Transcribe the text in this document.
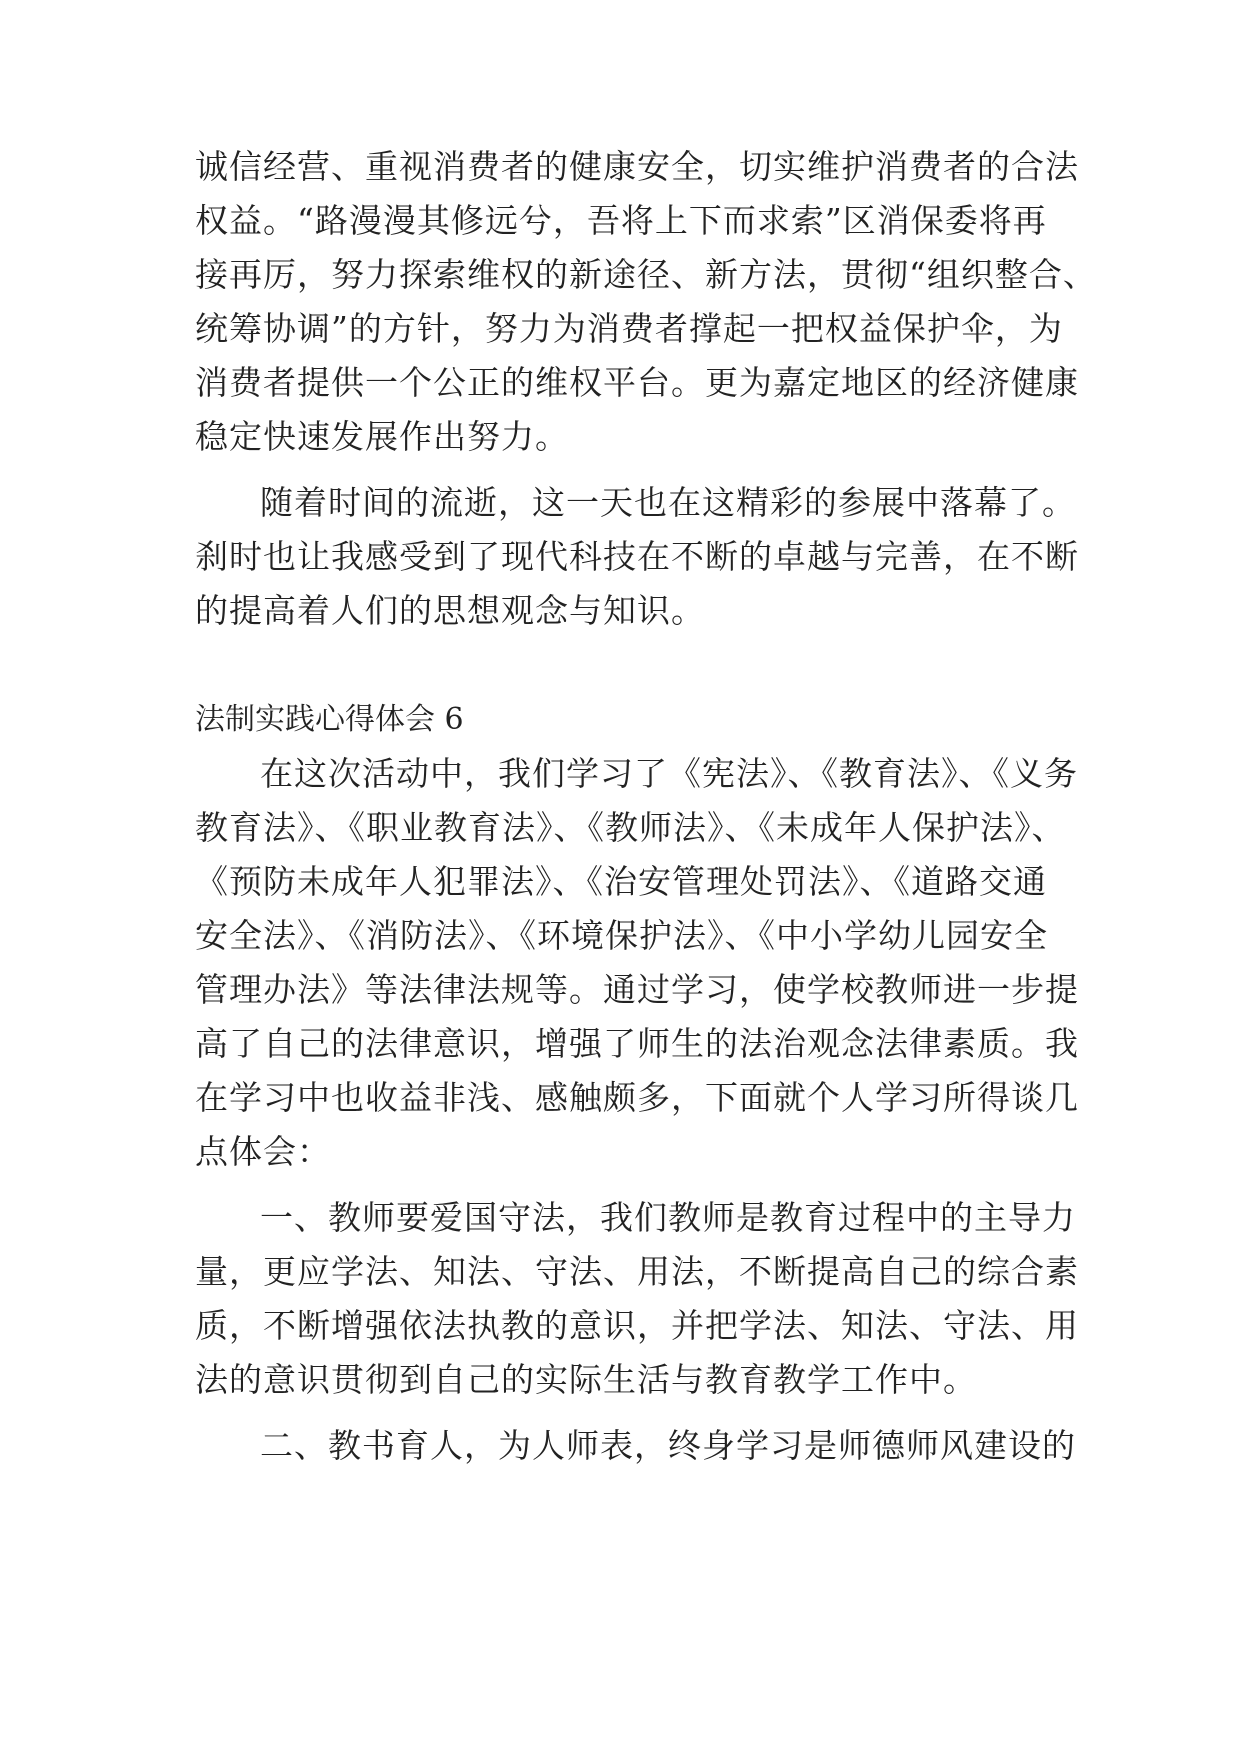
诚信经营、重视消费者的健康安全，切实维护消费者的合法
权益。“路漫漫其修远兮，吾将上下而求索”区消保委将再
接再厉，努力探索维权的新途径、新方法，贯彻“组织整合、
统筹协调”的方针，努力为消费者撑起一把权益保护伞，为
消费者提供一个公正的维权平台。更为嘉定地区的经济健康
稳定快速发展作出努力。
随着时间的流逝，这一天也在这精彩的参展中落幕了。
刹时也让我感受到了现代科技在不断的卓越与完善，在不断
的提高着人们的思想观念与知识。
法制实践心得体会 6
在这次活动中，我们学习了《宪法》、《教育法》、《义务
教育法》、《职业教育法》、《教师法》、《未成年人保护法》、
《预防未成年人犯罪法》、《治安管理处罚法》、《道路交通
安全法》、《消防法》、《环境保护法》、《中小学幼儿园安全
管理办法》等法律法规等。通过学习，使学校教师进一步提
高了自己的法律意识，增强了师生的法治观念法律素质。我
在学习中也收益非浅、感触颇多，下面就个人学习所得谈几
点体会：
一、教师要爱国守法，我们教师是教育过程中的主导力
量，更应学法、知法、守法、用法，不断提高自己的综合素
质，不断增强依法执教的意识，并把学法、知法、守法、用
法的意识贯彻到自己的实际生活与教育教学工作中。
二、教书育人，为人师表，终身学习是师德师风建设的
